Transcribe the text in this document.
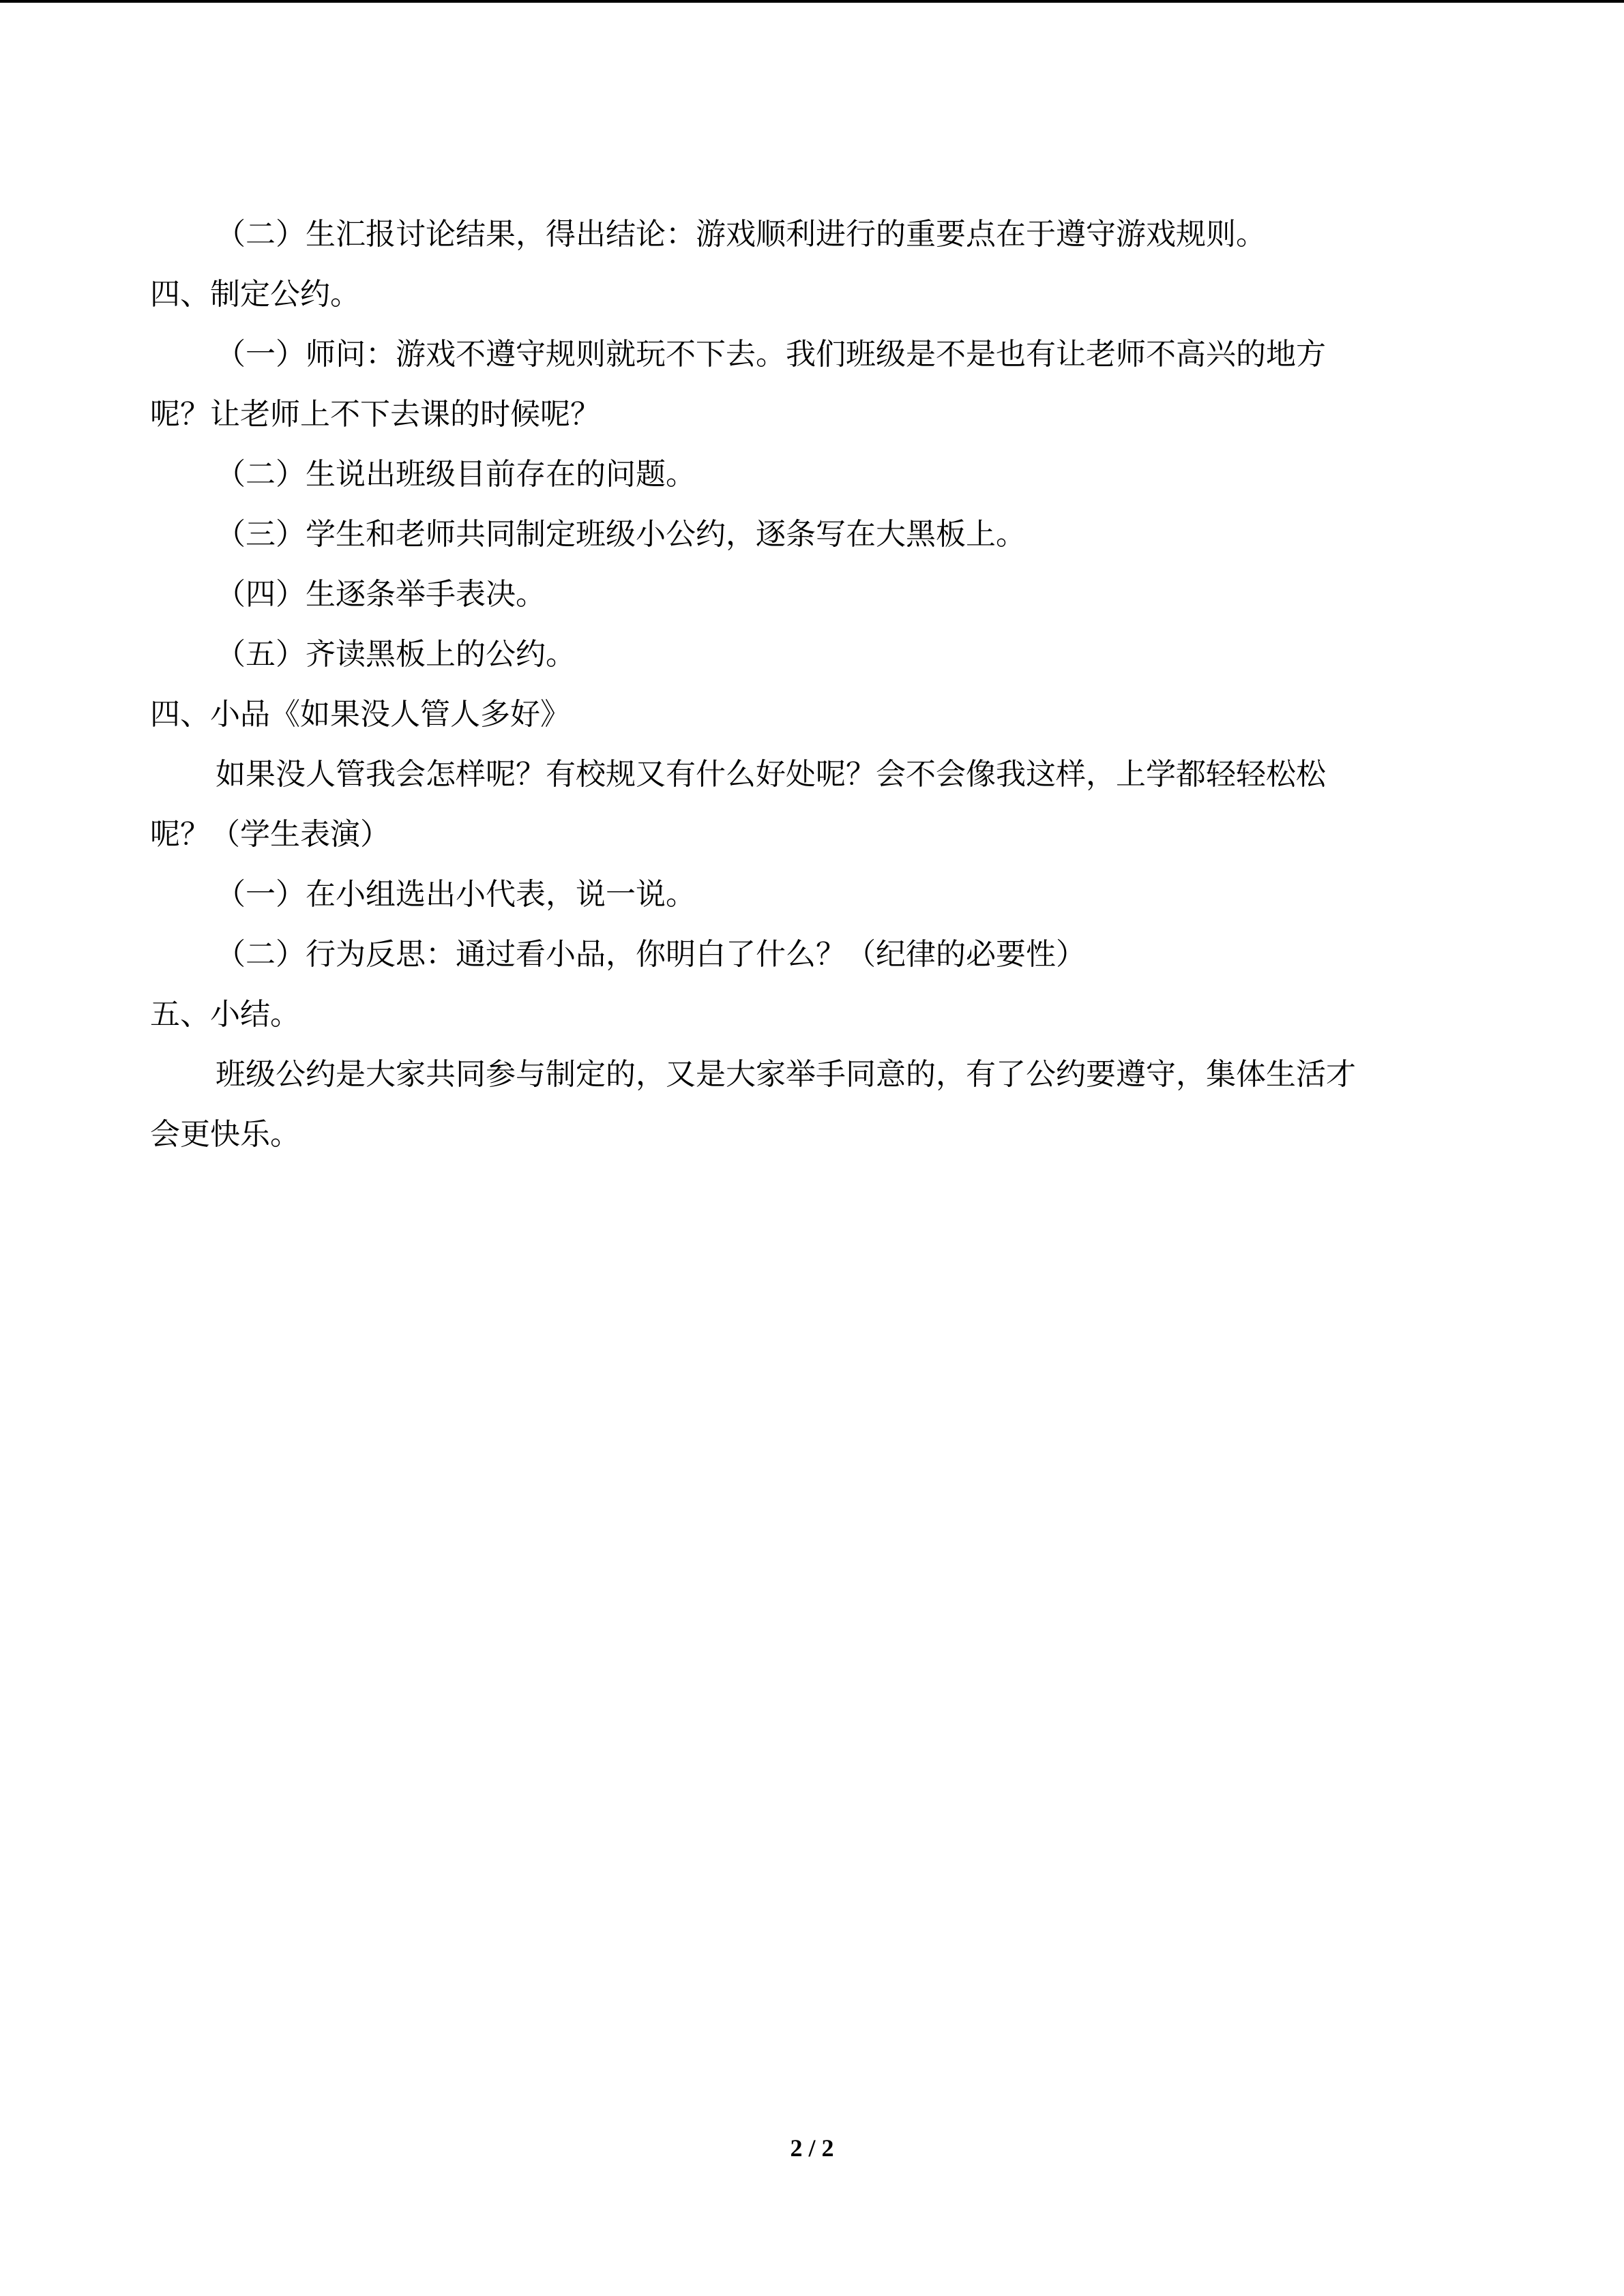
（二）生汇报讨论结果，得出结论：游戏顺利进行的重要点在于遵守游戏规则。
四、制定公约。
（一）师问：游戏不遵守规则就玩不下去。我们班级是不是也有让老师不高兴的地方
呢？让老师上不下去课的时候呢？
（二）生说出班级目前存在的问题。
（三）学生和老师共同制定班级小公约，逐条写在大黑板上。
（四）生逐条举手表决。
（五）齐读黑板上的公约。
四、小品《如果没人管人多好》
如果没人管我会怎样呢？有校规又有什么好处呢？会不会像我这样，上学都轻轻松松
呢？（学生表演）
（一）在小组选出小代表，说一说。
（二）行为反思：通过看小品，你明白了什么？（纪律的必要性）
五、小结。
班级公约是大家共同参与制定的，又是大家举手同意的，有了公约要遵守，集体生活才
会更快乐。
2 / 2
